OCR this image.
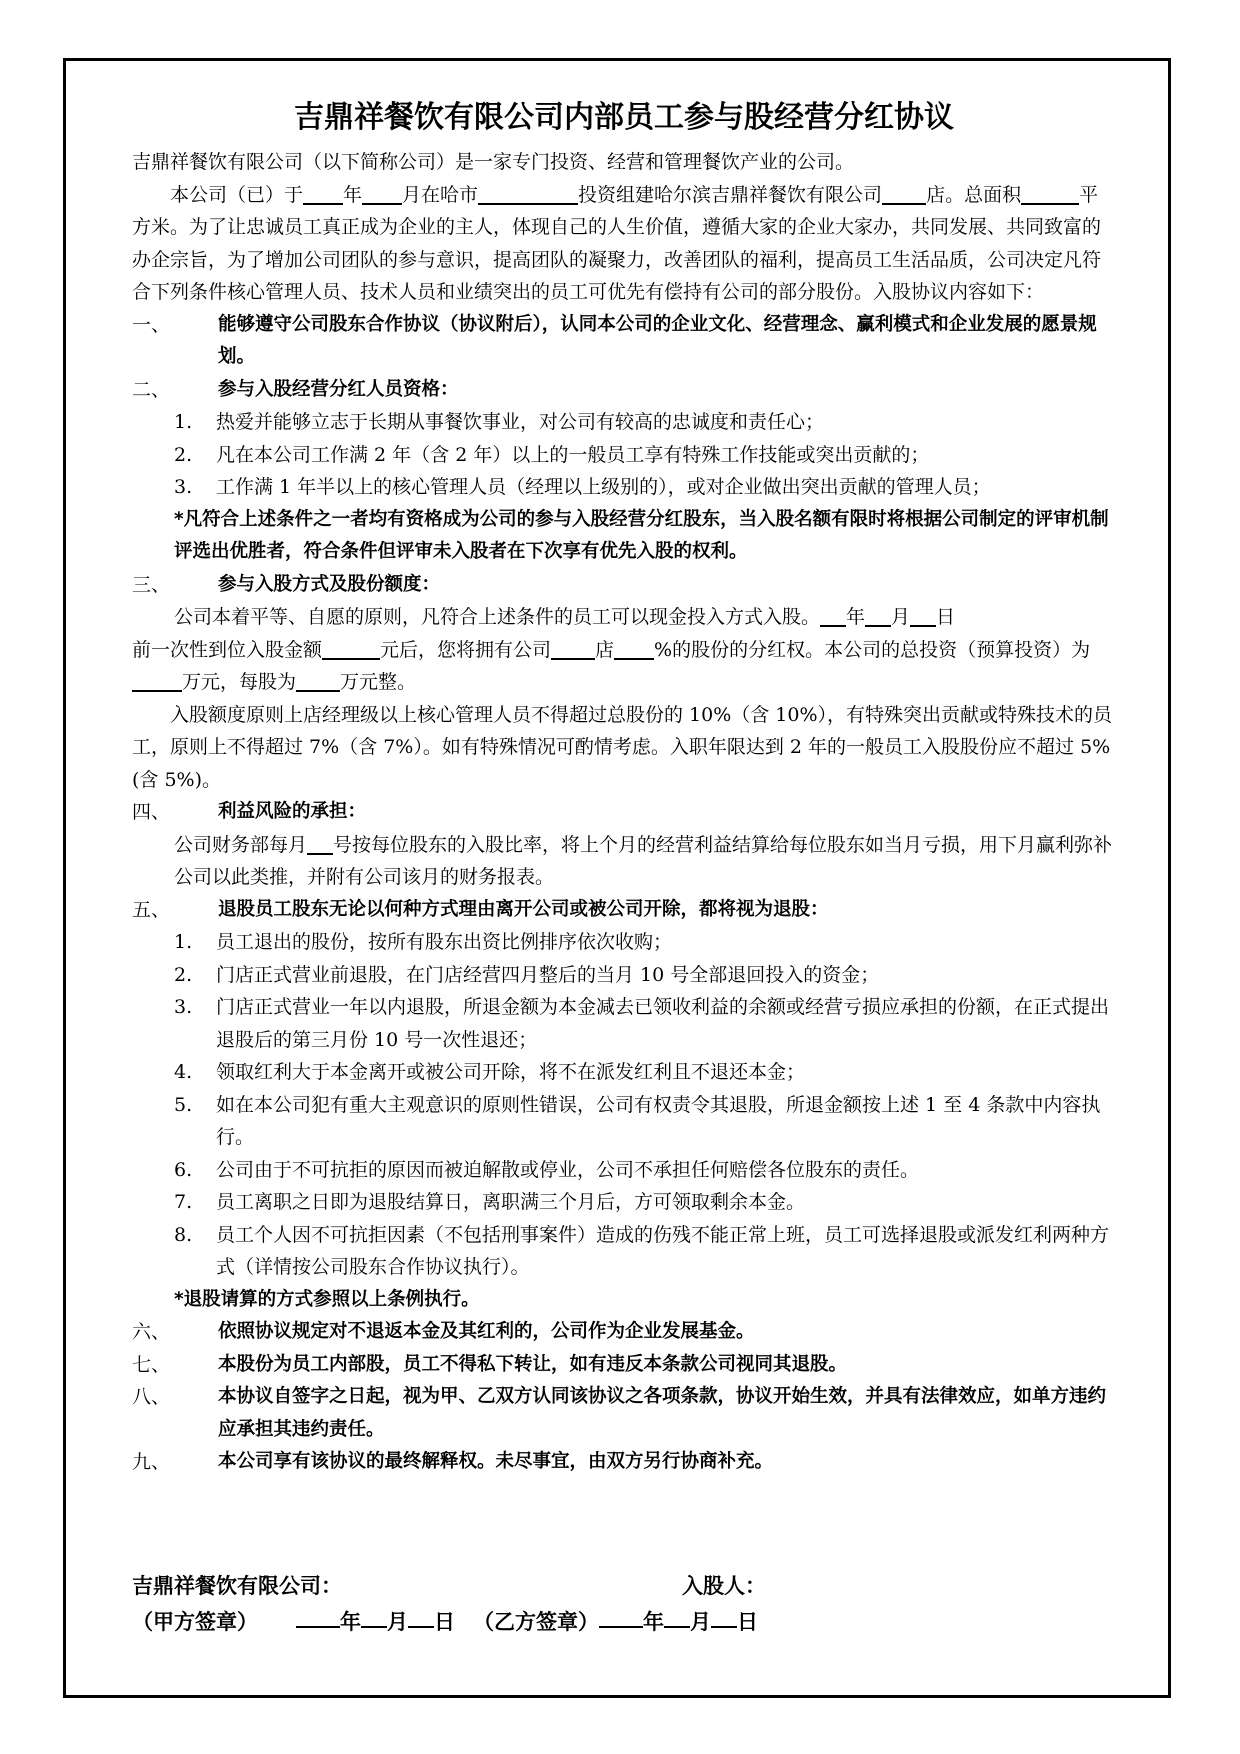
吉鼎祥餐饮有限公司内部员工参与股经营分红协议

吉鼎祥餐饮有限公司（以下简称公司）是一家专门投资、经营和管理餐饮产业的公司。

本公司（已）于 年 月在哈市	投资组建哈尔滨吉鼎祥餐饮有限公司 店。总面积	平方米。为了让忠诚员工真正成为企业的主人，体现自己的人生价值，遵循大家的企业大家办，共同发展、共同致富的办企宗旨，为了增加公司团队的参与意识，提高团队的凝聚力，改善团队的福利，提高员工生活品质，公司决定凡符合下列条件核心管理人员、技术人员和业绩突出的员工可优先有偿持有公司的部分股份。入股协议内容如下：

一、	能够遵守公司股东合作协议（协议附后），认同本公司的企业文化、经营理念、赢利模式和企业发展的愿景规划。
二、	参与入股经营分红人员资格：
1.	热爱并能够立志于长期从事餐饮事业，对公司有较高的忠诚度和责任心；
2.	凡在本公司工作满 2 年（含 2 年）以上的一般员工享有特殊工作技能或突出贡献的；
3.	工作满 1 年半以上的核心管理人员（经理以上级别的），或对企业做出突出贡献的管理人员；

*凡符合上述条件之一者均有资格成为公司的参与入股经营分红股东，当入股名额有限时将根据公司制定的评审机制评选出优胜者，符合条件但评审未入股者在下次享有优先入股的权利。

三、	参与入股方式及股份额度：

公司本着平等、自愿的原则，凡符合上述条件的员工可以现金投入方式入股。 年 月 日

前一次性到位入股金额	元后，您将拥有公司 店 %的股份的分红权。本公司的总投资（预算投资）为万元，每股为 万元整。

入股额度原则上店经理级以上核心管理人员不得超过总股份的 10%（含 10%），有特殊突出贡献或特殊技术的员工，原则上不得超过 7%（含 7%）。如有特殊情况可酌情考虑。入职年限达到 2 年的一般员工入股股份应不超过 5%(含 5%)。

四、	利益风险的承担：

公司财务部每月 号按每位股东的入股比率，将上个月的经营利益结算给每位股东如当月亏损，用下月赢利弥补公司以此类推，并附有公司该月的财务报表。

五、	退股员工股东无论以何种方式理由离开公司或被公司开除，都将视为退股：
1.	员工退出的股份，按所有股东出资比例排序依次收购；
2.	门店正式营业前退股，在门店经营四月整后的当月 10 号全部退回投入的资金；
3.	门店正式营业一年以内退股，所退金额为本金减去已领收利益的余额或经营亏损应承担的份额，在正式提出退股后的第三月份 10 号一次性退还；
4.	领取红利大于本金离开或被公司开除，将不在派发红利且不退还本金；
5.	如在本公司犯有重大主观意识的原则性错误，公司有权责令其退股，所退金额按上述 1 至 4 条款中内容执行。
6.	公司由于不可抗拒的原因而被迫解散或停业，公司不承担任何赔偿各位股东的责任。
7.	员工离职之日即为退股结算日，离职满三个月后，方可领取剩余本金。
8.	员工个人因不可抗拒因素（不包括刑事案件）造成的伤残不能正常上班，员工可选择退股或派发红利两种方式（详情按公司股东合作协议执行）。

*退股请算的方式参照以上条例执行。

六、	依照协议规定对不退返本金及其红利的，公司作为企业发展基金。
七、	本股份为员工内部股，员工不得私下转让，如有违反本条款公司视同其退股。
八、	本协议自签字之日起，视为甲、乙双方认同该协议之各项条款，协议开始生效，并具有法律效应，如单方违约应承担其违约责任。
九、	本公司享有该协议的最终解释权。未尽事宜，由双方另行协商补充。
吉鼎祥餐饮有限公司：	入股人：
（甲方签章）	年 月 日 （乙方签章） 年 月 日
